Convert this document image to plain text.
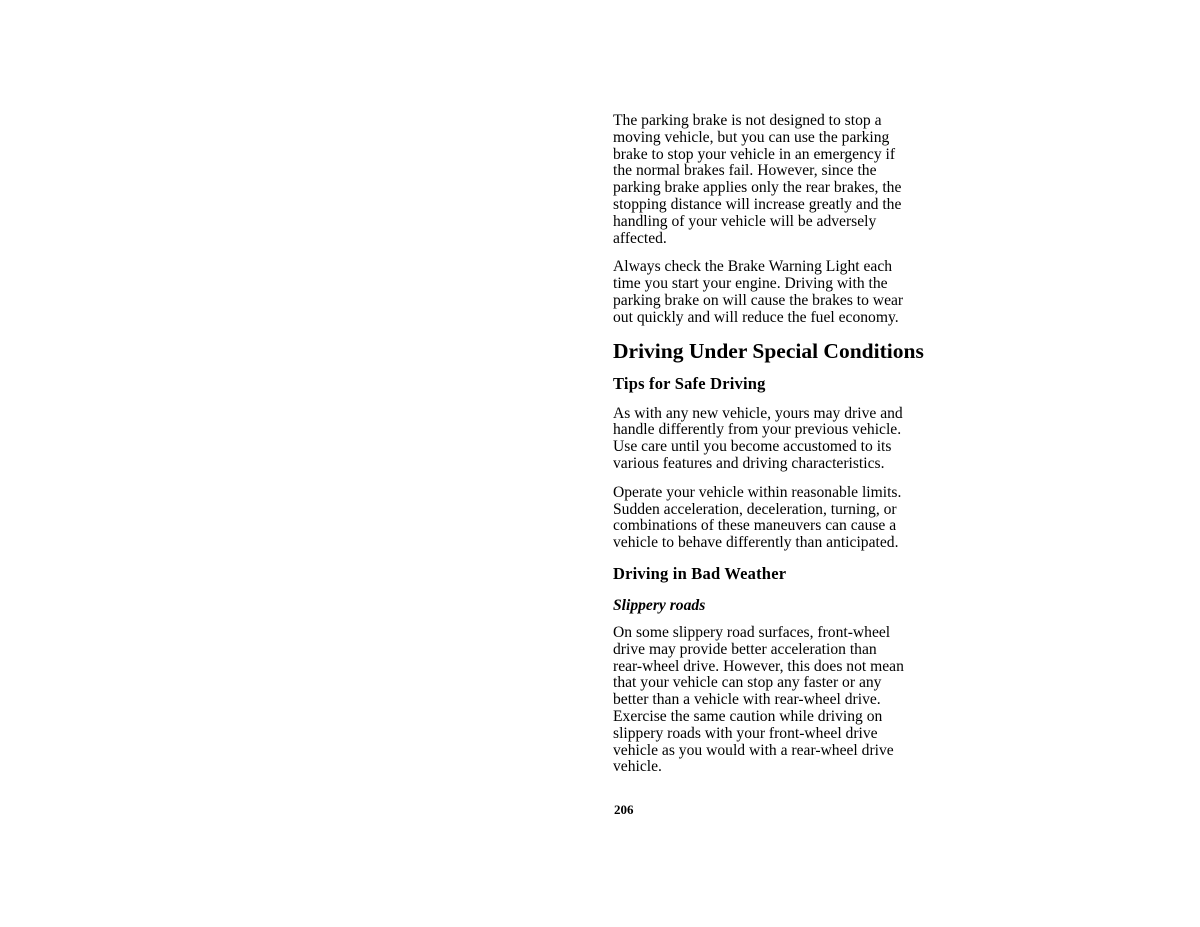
The parking brake is not designed to stop a
moving vehicle, but you can use the parking
brake to stop your vehicle in an emergency if
the normal brakes fail. However, since the
parking brake applies only the rear brakes, the
stopping distance will increase greatly and the
handling of your vehicle will be adversely
affected.

Always check the Brake Warning Light each
time you start your engine. Driving with the
parking brake on will cause the brakes to wear
out quickly and will reduce the fuel economy.

Driving Under Special Conditions
Tips for Safe Driving

As with any new vehicle, yours may drive and
handle differently from your previous vehicle.
Use care until you become accustomed to its
various features and driving characteristics.

Operate your vehicle within reasonable limits.
Sudden acceleration, deceleration, turning, or
combinations of these maneuvers can cause a
vehicle to behave differently than anticipated.

Driving in Bad Weather
Slippery roads

On some slippery road surfaces, front-wheel
drive may provide better acceleration than
rear-wheel drive. However, this does not mean
that your vehicle can stop any faster or any
better than a vehicle with rear-wheel drive.
Exercise the same caution while driving on
slippery roads with your front-wheel drive
vehicle as you would with a rear-wheel drive
vehicle.

206
